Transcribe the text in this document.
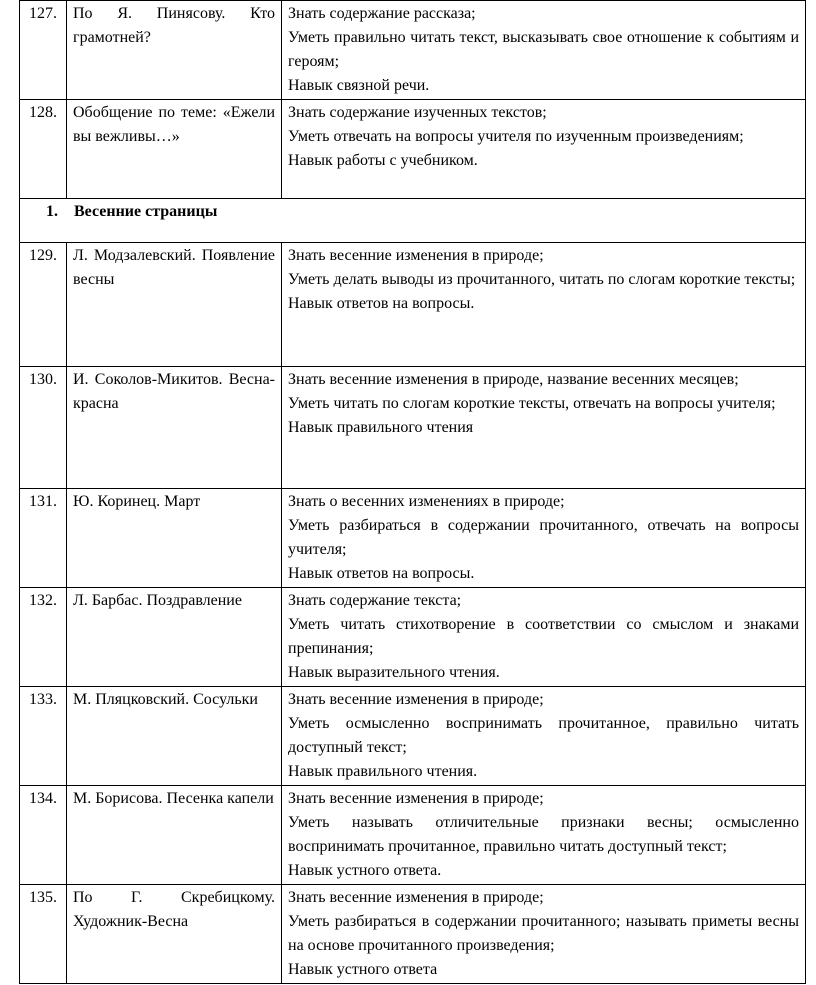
127.	По Я. Пинясову. Кто грамотней?	Знать содержание рассказа;
Уметь правильно читать текст, высказывать свое отношение к событиям и героям;
Навык связной речи.

128.	Обобщение по теме: «Ежели вы вежливы…»	Знать содержание изученных текстов;
Уметь отвечать на вопросы учителя по изученным произведениям;
Навык работы с учебником.

1. Весенние страницы		
129.	Л. Модзалевский. Появление весны	Знать весенние изменения в природе;
Уметь делать выводы из прочитанного, читать по слогам короткие тексты;
Навык ответов на вопросы.

130.	И. Соколов-Микитов. Весна-красна	Знать весенние изменения в природе, название весенних месяцев;
Уметь читать по слогам короткие тексты, отвечать на вопросы учителя;
Навык правильного чтения

131.	Ю. Коринец. Март	Знать о весенних изменениях в природе;
Уметь разбираться в содержании прочитанного, отвечать на вопросы учителя;
Навык ответов на вопросы.

132.	Л. Барбас. Поздравление	Знать содержание текста;
Уметь читать стихотворение в соответствии со смыслом и знаками препинания;
Навык выразительного чтения.

133.	М. Пляцковский. Сосульки	Знать весенние изменения в природе;
Уметь осмысленно воспринимать прочитанное, правильно читать доступный текст;
Навык правильного чтения.

134.	М. Борисова. Песенка капели	Знать весенние изменения в природе;
Уметь называть отличительные признаки весны; осмысленно воспринимать прочитанное, правильно читать доступный текст;
Навык устного ответа.

135.	По Г. Скребицкому. Художник-Весна	Знать весенние изменения в природе;
Уметь разбираться в содержании прочитанного; называть приметы весны на основе прочитанного произведения;
Навык устного ответа
